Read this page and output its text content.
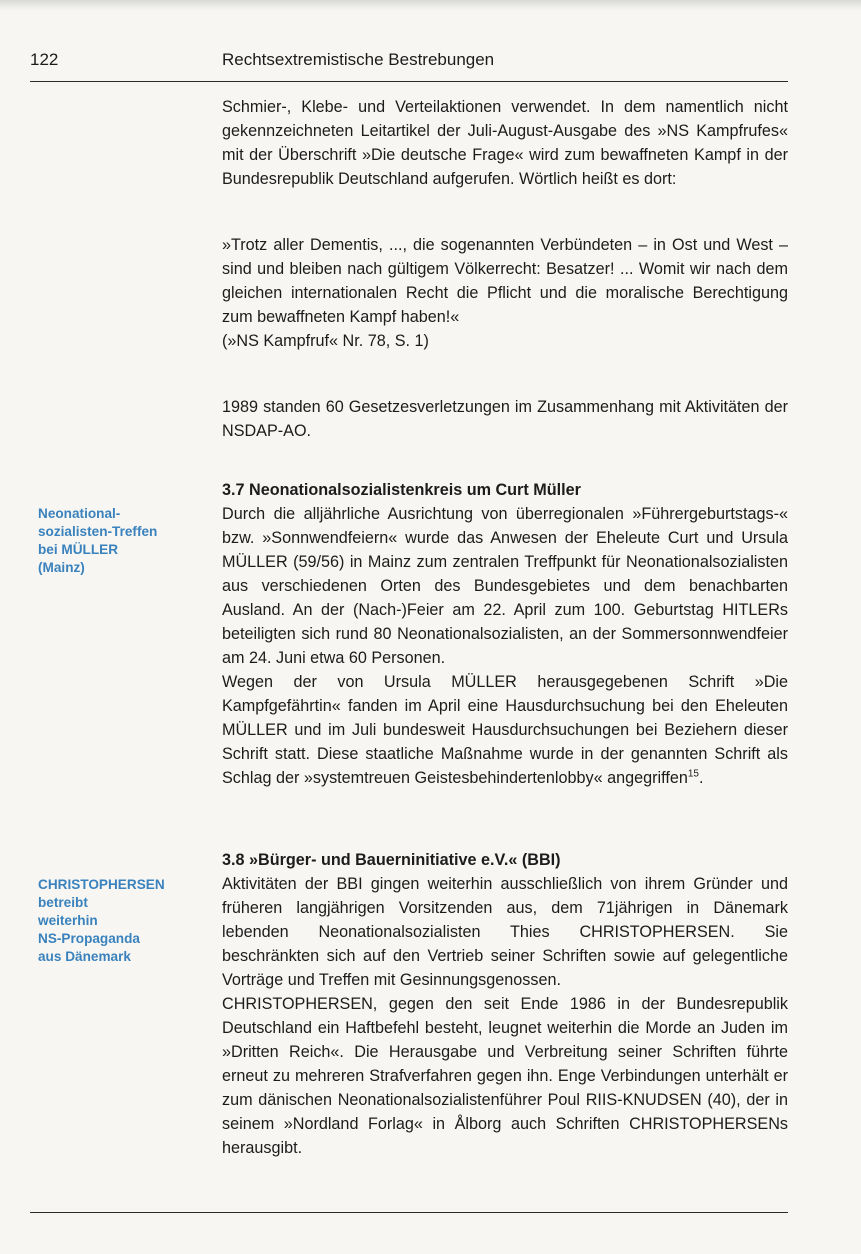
122	Rechtsextremistische Bestrebungen

Schmier-, Klebe- und Verteilaktionen verwendet. In dem namentlich nicht gekennzeichneten Leitartikel der Juli-August-Ausgabe des »NS Kampfrufes« mit der Überschrift »Die deutsche Frage« wird zum bewaffneten Kampf in der Bundesrepublik Deutschland aufgerufen. Wörtlich heißt es dort:

»Trotz aller Dementis, ..., die sogenannten Verbündeten – in Ost und West – sind und bleiben nach gültigem Völkerrecht: Besatzer! ... Womit wir nach dem gleichen internationalen Recht die Pflicht und die moralische Berechtigung zum bewaffneten Kampf haben!«

(»NS Kampfruf« Nr. 78, S. 1)

1989 standen 60 Gesetzesverletzungen im Zusammenhang mit Aktivitäten der NSDAP-AO.

Neonational-
sozialisten-Treffen
bei MÜLLER
(Mainz)

3.7 Neonationalsozialistenkreis um Curt Müller

Durch die alljährliche Ausrichtung von überregionalen »Führergeburtstags-« bzw. »Sonnwendfeiern« wurde das Anwesen der Eheleute Curt und Ursula MÜLLER (59/56) in Mainz zum zentralen Treffpunkt für Neonationalsozialisten aus verschiedenen Orten des Bundesgebietes und dem benachbarten Ausland. An der (Nach-)Feier am 22. April zum 100. Geburtstag HITLERs beteiligten sich rund 80 Neonationalsozialisten, an der Sommersonnwendfeier am 24. Juni etwa 60 Personen.

Wegen der von Ursula MÜLLER herausgegebenen Schrift »Die Kampfgefährtin« fanden im April eine Hausdurchsuchung bei den Eheleuten MÜLLER und im Juli bundesweit Hausdurchsuchungen bei Beziehern dieser Schrift statt. Diese staatliche Maßnahme wurde in der genannten Schrift als Schlag der »systemtreuen Geistesbehindertenlobby« angegriffen$^{15}$.

CHRISTOPHERSEN
betreibt
weiterhin
NS-Propaganda
aus Dänemark

3.8 »Bürger- und Bauerninitiative e.V.« (BBI)

Aktivitäten der BBI gingen weiterhin ausschließlich von ihrem Gründer und früheren langjährigen Vorsitzenden aus, dem 71jährigen in Dänemark lebenden Neonationalsozialisten Thies CHRISTOPHERSEN. Sie beschränkten sich auf den Vertrieb seiner Schriften sowie auf gelegentliche Vorträge und Treffen mit Gesinnungsgenossen.

CHRISTOPHERSEN, gegen den seit Ende 1986 in der Bundesrepublik Deutschland ein Haftbefehl besteht, leugnet weiterhin die Morde an Juden im »Dritten Reich«. Die Herausgabe und Verbreitung seiner Schriften führte erneut zu mehreren Strafverfahren gegen ihn. Enge Verbindungen unterhält er zum dänischen Neonationalsozialistenführer Poul RIIS-KNUDSEN (40), der in seinem »Nordland Forlag« in Ålborg auch Schriften CHRISTOPHERSENs herausgibt.
